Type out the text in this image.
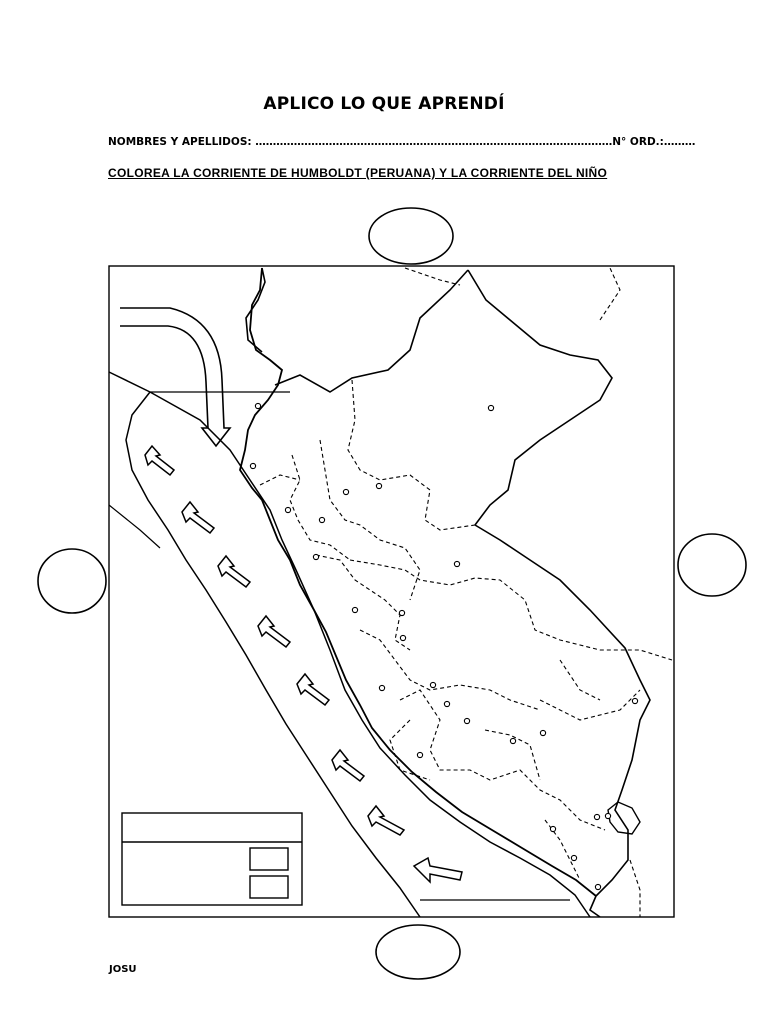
APLICO LO QUE APRENDÍ
NOMBRES Y APELLIDOS: …………………………………………………………………………………………N° ORD.:………
COLOREA LA CORRIENTE DE HUMBOLDT (PERUANA) Y LA CORRIENTE DEL NIÑO
JOSU
